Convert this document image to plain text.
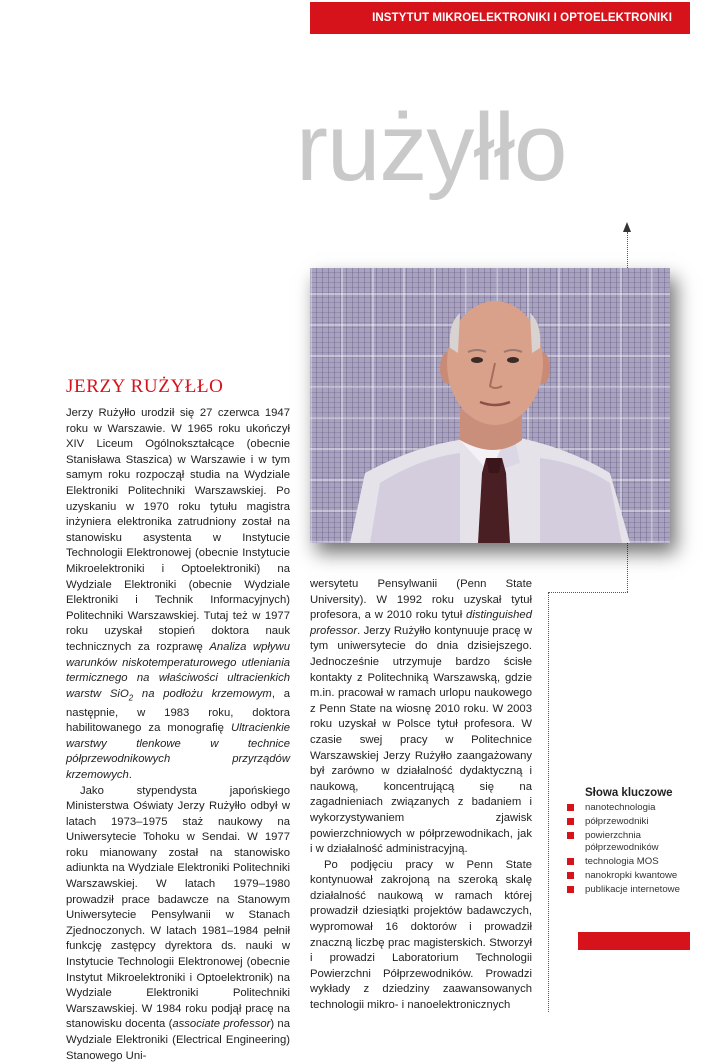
INSTYTUT MIKROELEKTRONIKI I OPTOELEKTRONIKI
rużyłło
JERZY RUŻYŁŁO

Jerzy Rużyłło urodził się 27 czerwca 1947 roku w Warszawie. W 1965 roku ukończył XIV Liceum Ogólnokształcące (obecnie Stanisława Staszica) w Warszawie i w tym samym roku rozpoczął studia na Wydziale Elektroniki Politechniki Warszawskiej. Po uzyskaniu w 1970 roku tytułu magistra inżyniera elektronika zatrudniony został na stanowisku asystenta w Instytucie Technologii Elektronowej (obecnie Instytucie Mikroelektroniki i Optoelektroniki) na Wydziale Elektroniki (obecnie Wydziale Elektroniki i Technik Informacyjnych) Politechniki Warszawskiej. Tutaj też w 1977 roku uzyskał stopień doktora nauk technicznych za rozprawę Analiza wpływu warunków niskotemperaturowego utleniania termicznego na właściwości ultracienkich warstw SiO$_2$ na podłożu krzemowym, a następnie, w 1983 roku, doktora habilitowanego za monografię Ultracienkie warstwy tlenkowe w technice półprzewodnikowych przyrządów krzemowych.

Jako stypendysta japońskiego Ministerstwa Oświaty Jerzy Rużyłło odbył w latach 1973–1975 staż naukowy na Uniwersytecie Tohoku w Sendai. W 1977 roku mianowany został na stanowisko adiunkta na Wydziale Elektroniki Politechniki Warszawskiej. W latach 1979–1980 prowadził prace badawcze na Stanowym Uniwersytecie Pensylwanii w Stanach Zjednoczonych. W latach 1981–1984 pełnił funkcję zastępcy dyrektora ds. nauki w Instytucie Technologii Elektronowej (obecnie Instytut Mikroelektroniki i Optoelektronik) na Wydziale Elektroniki Politechniki Warszawskiej. W 1984 roku podjął pracę na stanowisku docenta (associate professor) na Wydziale Elektroniki (Electrical Engineering) Stanowego Uni-

wersytetu Pensylwanii (Penn State University). W 1992 roku uzyskał tytuł profesora, a w 2010 roku tytuł distinguished professor. Jerzy Rużyłło kontynuuje pracę w tym uniwersytecie do dnia dzisiejszego. Jednocześnie utrzymuje bardzo ścisłe kontakty z Politechniką Warszawską, gdzie m.in. pracował w ramach urlopu naukowego z Penn State na wiosnę 2010 roku. W 2003 roku uzyskał w Polsce tytuł profesora. W czasie swej pracy w Politechnice Warszawskiej Jerzy Rużyłło zaangażowany był zarówno w działalność dydaktyczną i naukową, koncentrującą się na zagadnieniach związanych z badaniem i wykorzystywaniem zjawisk powierzchniowych w półprzewodnikach, jak i w działalność administracyjną.

Po podjęciu pracy w Penn State kontynuował zakrojoną na szeroką skalę działalność naukową w ramach której prowadził dziesiątki projektów badawczych, wypromował 16 doktorów i prowadził znaczną liczbę prac magisterskich. Stworzył i prowadzi Laboratorium Technologii Powierzchni Półprzewodników. Prowadzi wykłady z dziedziny zaawansowanych technologii mikro- i nanoelektronicznych

Słowa kluczowe
nanotechnologia
półprzewodniki
powierzchnia półprzewodników
technologia MOS
nanokropki kwantowe
publikacje internetowe
